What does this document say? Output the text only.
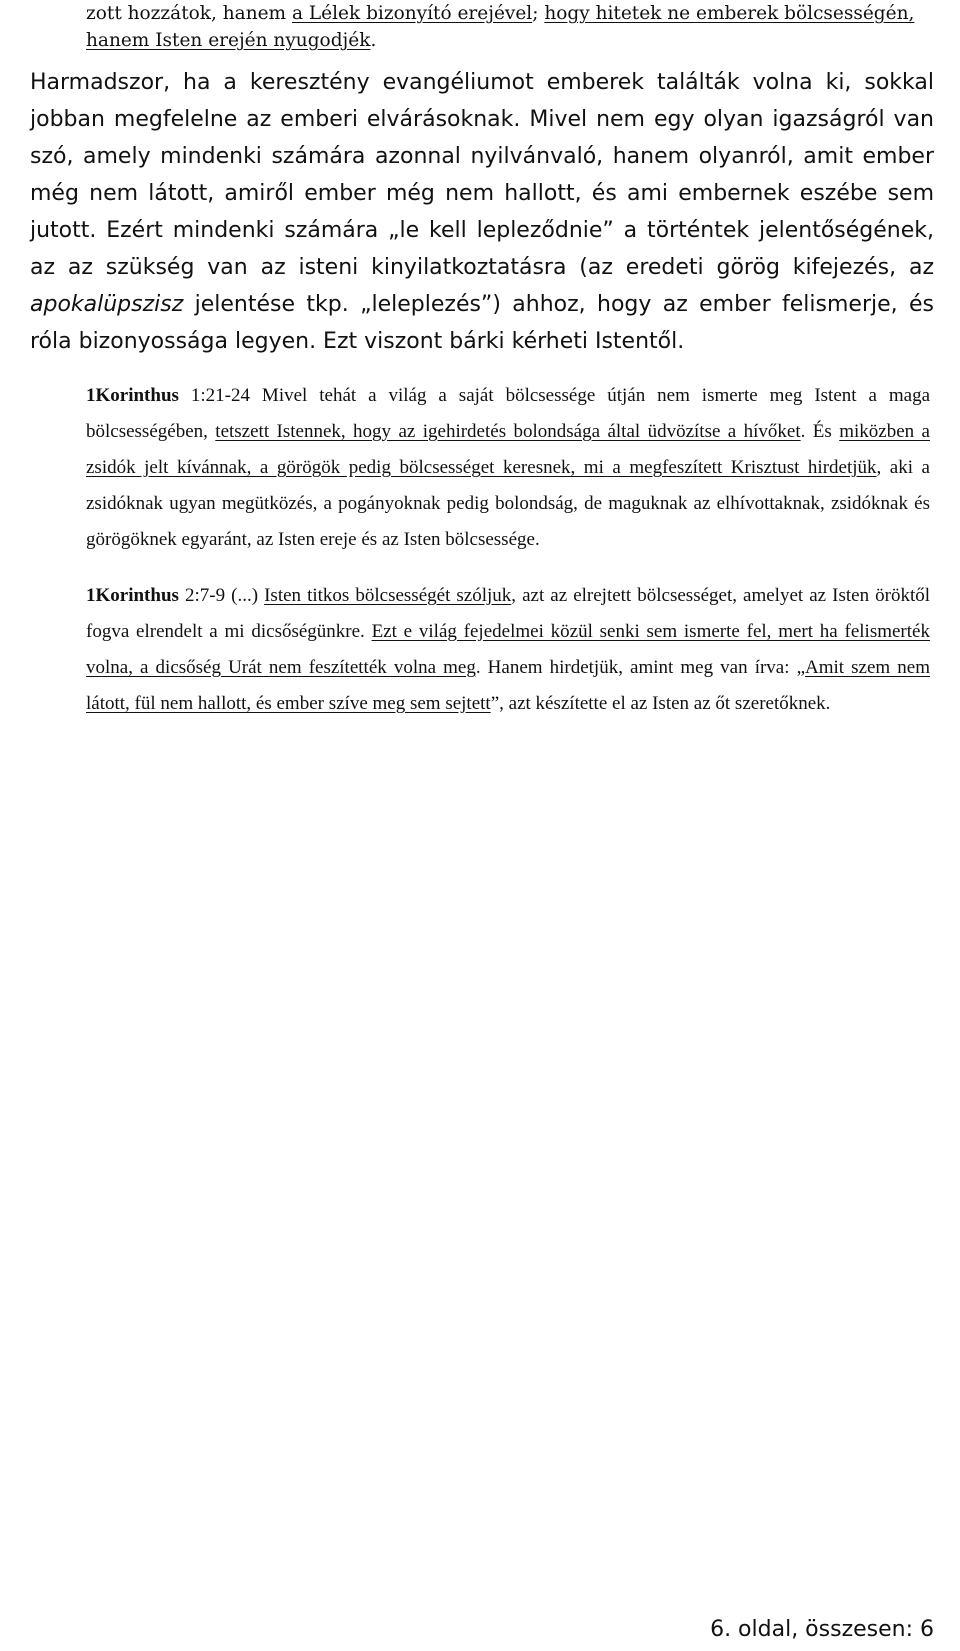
zott hozzátok, hanem a Lélek bizonyító erejével; hogy hitetek ne emberek bölcsességén, hanem Isten erején nyugodjék.

Harmadszor, ha a keresztény evangéliumot emberek találták volna ki, sokkal jobban megfelelne az emberi elvárásoknak. Mivel nem egy olyan igazságról van szó, amely mindenki számára azonnal nyilvánvaló, hanem olyanról, amit ember még nem látott, amiről ember még nem hallott, és ami embernek eszébe sem jutott. Ezért mindenki számára „le kell lepleződnie” a történtek jelentőségének, az az szükség van az isteni kinyilatkoztatásra (az eredeti görög kifejezés, az apokalüpszisz jelentése tkp. „leleplezés”) ahhoz, hogy az ember felismerje, és róla bizonyossága legyen. Ezt viszont bárki kérheti Istentől.

1Korinthus 1:21-24 Mivel tehát a világ a saját bölcsessége útján nem ismerte meg Istent a maga bölcsességében, tetszett Istennek, hogy az igehirdetés bolondsága által üdvözítse a hívőket. És miközben a zsidók jelt kívánnak, a görögök pedig bölcsességet keresnek, mi a megfeszített Krisztust hirdetjük, aki a zsidóknak ugyan megütközés, a pogányoknak pedig bolondság, de maguknak az elhívottaknak, zsidóknak és görögöknek egyaránt, az Isten ereje és az Isten bölcsessége.

1Korinthus 2:7-9 (...) Isten titkos bölcsességét szóljuk, azt az elrejtett bölcsességet, amelyet az Isten öröktől fogva elrendelt a mi dicsőségünkre. Ezt e világ fejedelmei közül senki sem ismerte fel, mert ha felismerték volna, a dicsőség Urát nem feszítették volna meg. Hanem hirdetjük, amint meg van írva: „Amit szem nem látott, fül nem hallott, és ember szíve meg sem sejtett”, azt készítette el az Isten az őt szeretőknek.

6. oldal, összesen: 6
